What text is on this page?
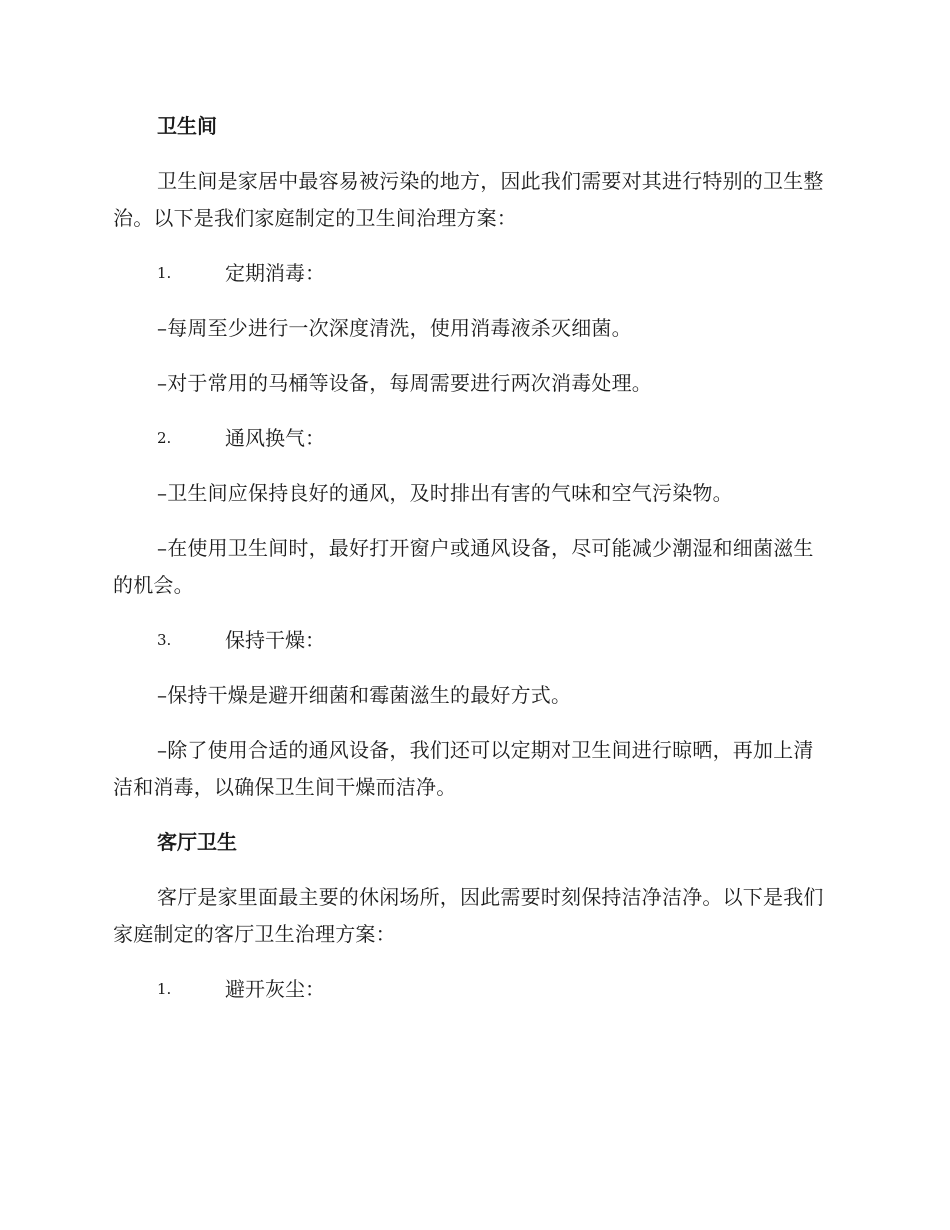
卫生间
卫生间是家居中最容易被污染的地方，因此我们需要对其进行特别的卫生整治。以下是我们家庭制定的卫生间治理方案：
1.	定期消毒：
–每周至少进行一次深度清洗，使用消毒液杀灭细菌。
–对于常用的马桶等设备，每周需要进行两次消毒处理。
2.	通风换气：
–卫生间应保持良好的通风，及时排出有害的气味和空气污染物。
–在使用卫生间时，最好打开窗户或通风设备，尽可能减少潮湿和细菌滋生的机会。
3.	保持干燥：
–保持干燥是避开细菌和霉菌滋生的最好方式。
–除了使用合适的通风设备，我们还可以定期对卫生间进行晾晒，再加上清洁和消毒，以确保卫生间干燥而洁净。
客厅卫生
客厅是家里面最主要的休闲场所，因此需要时刻保持洁净洁净。以下是我们家庭制定的客厅卫生治理方案：
1.	避开灰尘：
